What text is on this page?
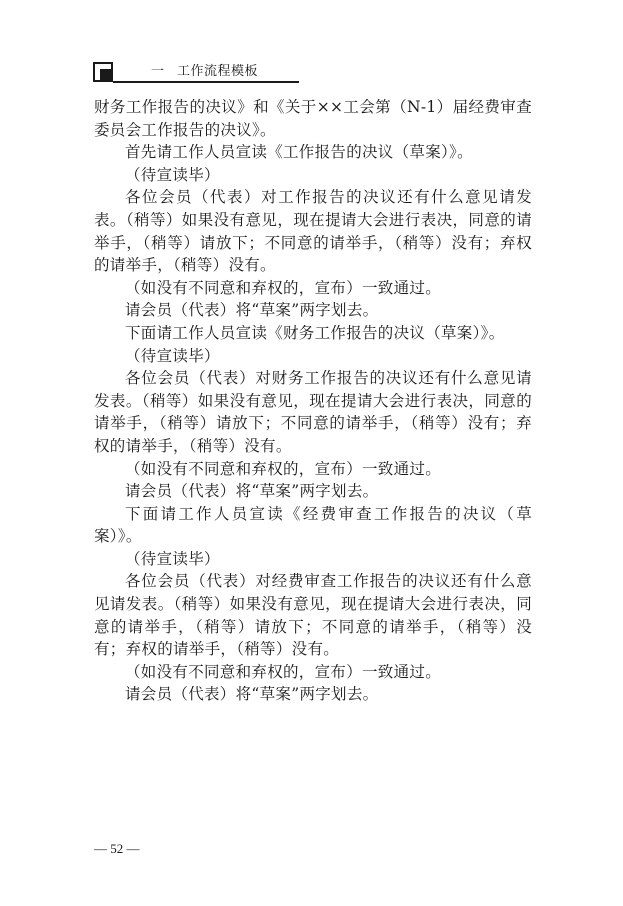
一 工作流程模板

财务工作报告的决议》和《关于××工会第（N-1）届经费审查委员会工作报告的决议》。

首先请工作人员宣读《工作报告的决议（草案）》。

（待宣读毕）

各位会员（代表）对工作报告的决议还有什么意见请发表。（稍等）如果没有意见，现在提请大会进行表决，同意的请举手，（稍等）请放下；不同意的请举手，（稍等）没有；弃权的请举手，（稍等）没有。

（如没有不同意和弃权的，宣布）一致通过。

请会员（代表）将“草案”两字划去。

下面请工作人员宣读《财务工作报告的决议（草案）》。

（待宣读毕）

各位会员（代表）对财务工作报告的决议还有什么意见请发表。（稍等）如果没有意见，现在提请大会进行表决，同意的请举手，（稍等）请放下；不同意的请举手，（稍等）没有；弃权的请举手，（稍等）没有。

（如没有不同意和弃权的，宣布）一致通过。

请会员（代表）将“草案”两字划去。

下面请工作人员宣读《经费审查工作报告的决议（草案）》。

（待宣读毕）

各位会员（代表）对经费审查工作报告的决议还有什么意见请发表。（稍等）如果没有意见，现在提请大会进行表决，同意的请举手，（稍等）请放下；不同意的请举手，（稍等）没有；弃权的请举手，（稍等）没有。

（如没有不同意和弃权的，宣布）一致通过。

请会员（代表）将“草案”两字划去。

— 52 —
